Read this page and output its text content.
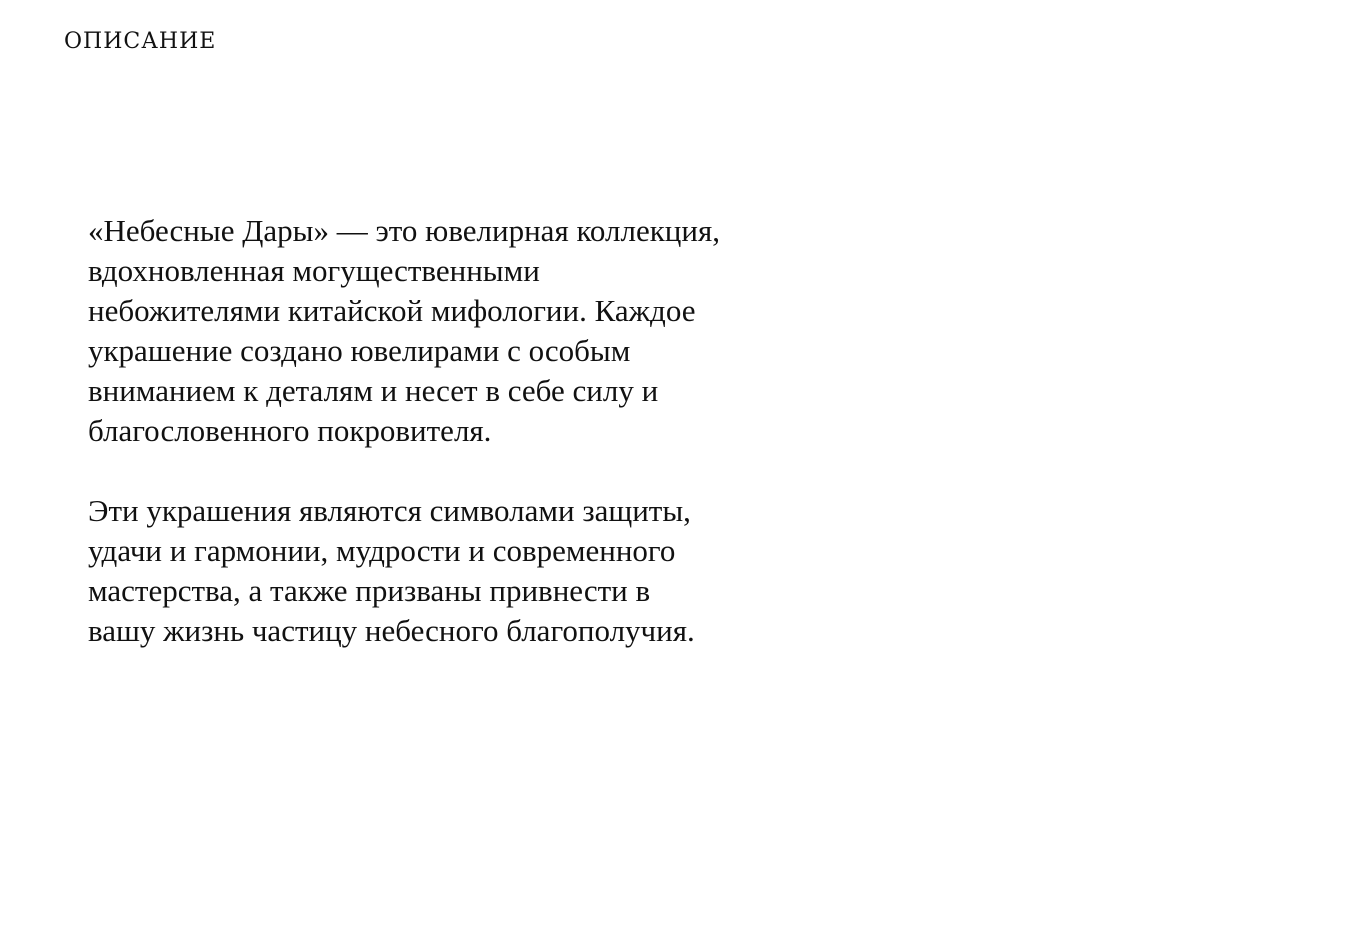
ОПИСАНИЕ

«Небесные Дары» — это ювелирная коллекция,
вдохновленная могущественными
небожителями китайской мифологии. Каждое
украшение создано ювелирами с особым
вниманием к деталям и несет в себе силу и
благословенного покровителя.

Эти украшения являются символами защиты,
удачи и гармонии, мудрости и современного
мастерства, а также призваны привнести в
вашу жизнь частицу небесного благополучия.
